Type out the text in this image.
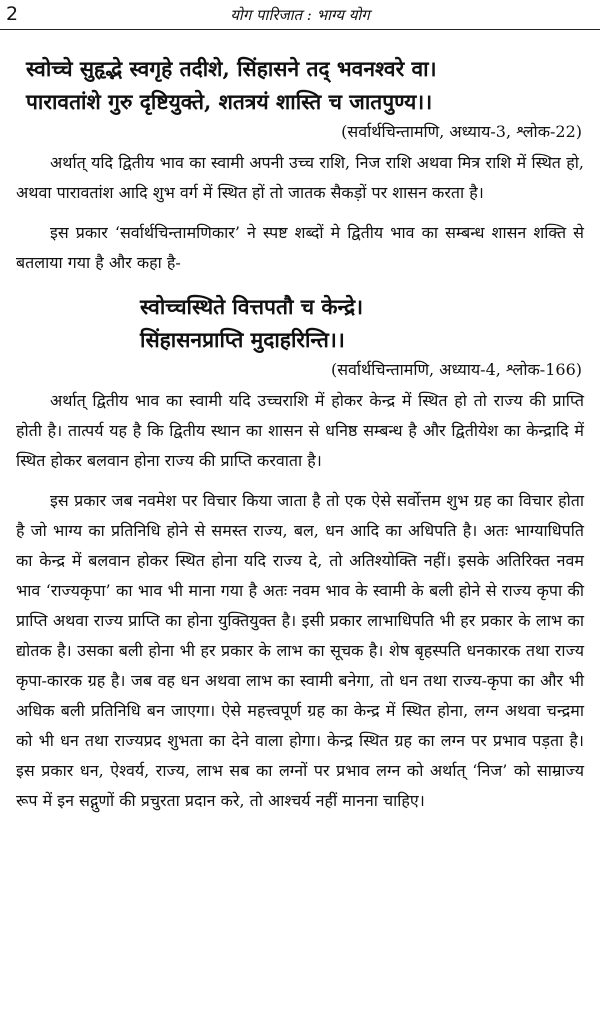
2	योग पारिजात : भाग्य योग
स्वोच्चे सुहृद्भे स्वगृहे तदीशे, सिंहासने तद् भवनश्वरे वा।
पारावतांशे गुरु दृष्टियुक्ते, शतत्रयं शास्ति च जातपुण्य।।
(सर्वार्थचिन्तामणि, अध्याय-3, श्लोक-22)

अर्थात् यदि द्वितीय भाव का स्वामी अपनी उच्च राशि, निज राशि अथवा मित्र राशि में स्थित हो, अथवा पारावतांश आदि शुभ वर्ग में स्थित हों तो जातक सैकड़ों पर शासन करता है।

इस प्रकार ‘सर्वार्थचिन्तामणिकार’ ने स्पष्ट शब्दों मे द्वितीय भाव का सम्बन्ध शासन शक्ति से बतलाया गया है और कहा है-

स्वोच्चस्थिते वित्तपतौ च केन्द्रे।
सिंहासनप्राप्ति मुदाहरिन्ति।।
(सर्वार्थचिन्तामणि, अध्याय-4, श्लोक-166)

अर्थात् द्वितीय भाव का स्वामी यदि उच्चराशि में होकर केन्द्र में स्थित हो तो राज्य की प्राप्ति होती है। तात्पर्य यह है कि द्वितीय स्थान का शासन से धनिष्ठ सम्बन्ध है और द्वितीयेश का केन्द्रादि में स्थित होकर बलवान होना राज्य की प्राप्ति करवाता है।

इस प्रकार जब नवमेश पर विचार किया जाता है तो एक ऐसे सर्वोत्तम शुभ ग्रह का विचार होता है जो भाग्य का प्रतिनिधि होने से समस्त राज्य, बल, धन आदि का अधिपति है। अतः भाग्याधिपति का केन्द्र में बलवान होकर स्थित होना यदि राज्य दे, तो अतिश्योक्ति नहीं। इसके अतिरिक्त नवम भाव ‘राज्यकृपा’ का भाव भी माना गया है अतः नवम भाव के स्वामी के बली होने से राज्य कृपा की प्राप्ति अथवा राज्य प्राप्ति का होना युक्तियुक्त है। इसी प्रकार लाभाधिपति भी हर प्रकार के लाभ का द्योतक है। उसका बली होना भी हर प्रकार के लाभ का सूचक है। शेष बृहस्पति धनकारक तथा राज्य कृपा-कारक ग्रह है। जब वह धन अथवा लाभ का स्वामी बनेगा, तो धन तथा राज्य-कृपा का और भी अधिक बली प्रतिनिधि बन जाएगा। ऐसे महत्त्वपूर्ण ग्रह का केन्द्र में स्थित होना, लग्न अथवा चन्द्रमा को भी धन तथा राज्यप्रद शुभता का देने वाला होगा। केन्द्र स्थित ग्रह का लग्न पर प्रभाव पड़ता है। इस प्रकार धन, ऐश्वर्य, राज्य, लाभ सब का लग्नों पर प्रभाव लग्न को अर्थात् ‘निज’ को साम्राज्य रूप में इन सद्गुणों की प्रचुरता प्रदान करे, तो आश्चर्य नहीं मानना चाहिए।
